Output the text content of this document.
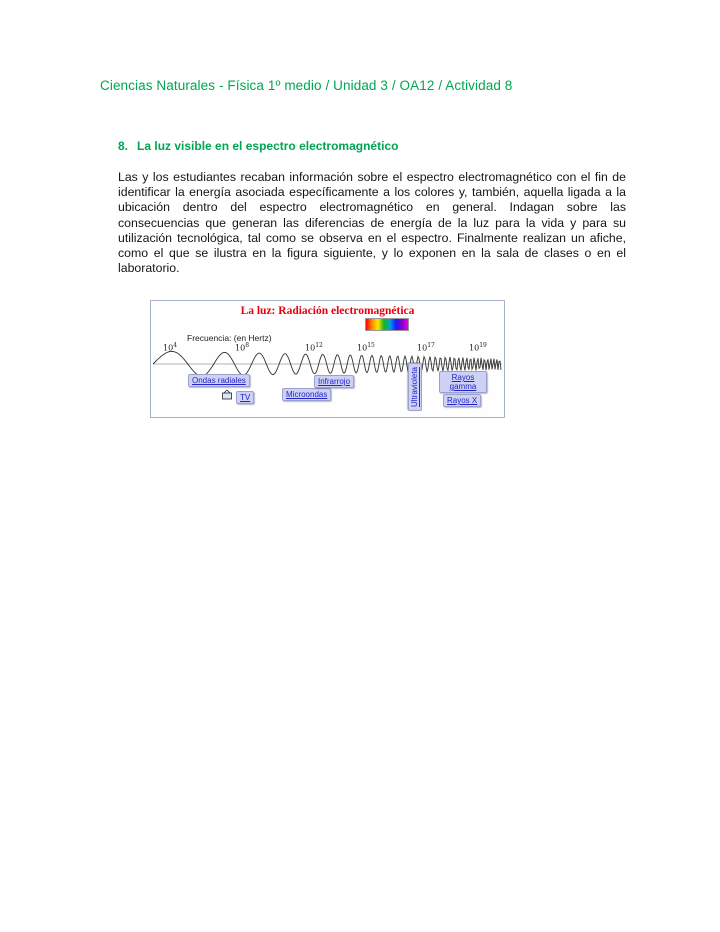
Ciencias Naturales - Física 1º medio / Unidad 3 / OA12 / Actividad 8
8. La luz visible en el espectro electromagnético

Las y los estudiantes recaban información sobre el espectro electromagnético con el fin de identificar la energía asociada específicamente a los colores y, también, aquella ligada a la ubicación dentro del espectro electromagnético en general. Indagan sobre las consecuencias que generan las diferencias de energía de la luz para la vida y para su utilización tecnológica, tal como se observa en el espectro. Finalmente realizan un afiche, como el que se ilustra en la figura siguiente, y lo exponen en la sala de clases o en el laboratorio.

La luz: Radiación electromagnética
Frecuencia: (en Hertz)
$10^4$	$10^8$	$10^{12}$	$10^{15}$	$10^{17}$	$10^{19}$
Ondas radiales
TV	Microondas
Infrarrojo	Ultravioleta	Rayos gamma
Rayos X
